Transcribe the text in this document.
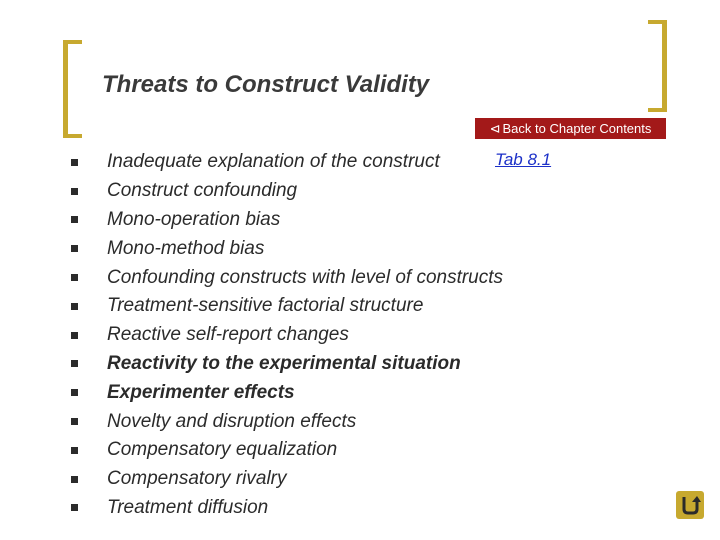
Threats to Construct Validity
⊲ Back to Chapter Contents
Tab 8.1
Inadequate explanation of the construct
Construct confounding
Mono-operation bias
Mono-method bias
Confounding constructs with level of constructs
Treatment-sensitive factorial structure
Reactive self-report changes
Reactivity to the experimental situation
Experimenter effects
Novelty and disruption effects
Compensatory equalization
Compensatory rivalry
Treatment diffusion
